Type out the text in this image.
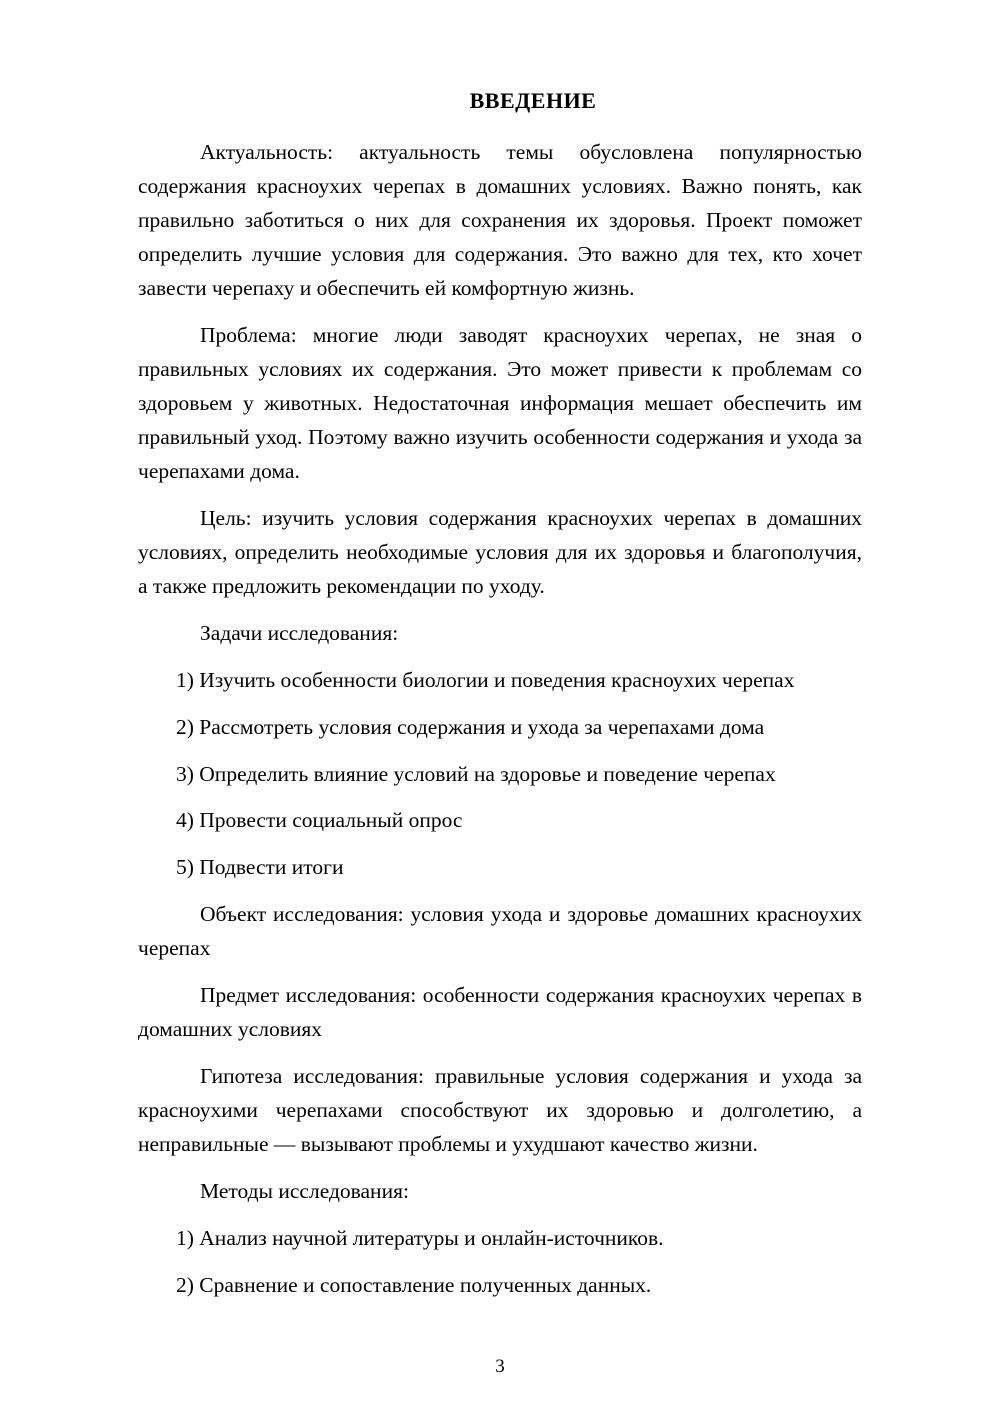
ВВЕДЕНИЕ

Актуальность: актуальность темы обусловлена популярностью содержания красноухих черепах в домашних условиях. Важно понять, как правильно заботиться о них для сохранения их здоровья. Проект поможет определить лучшие условия для содержания. Это важно для тех, кто хочет завести черепаху и обеспечить ей комфортную жизнь.

Проблема: многие люди заводят красноухих черепах, не зная о правильных условиях их содержания. Это может привести к проблемам со здоровьем у животных. Недостаточная информация мешает обеспечить им правильный уход. Поэтому важно изучить особенности содержания и ухода за черепахами дома.

Цель: изучить условия содержания красноухих черепах в домашних условиях, определить необходимые условия для их здоровья и благополучия, а также предложить рекомендации по уходу.

Задачи исследования:

1) Изучить особенности биологии и поведения красноухих черепах

2) Рассмотреть условия содержания и ухода за черепахами дома

3) Определить влияние условий на здоровье и поведение черепах

4) Провести социальный опрос

5) Подвести итоги

Объект исследования: условия ухода и здоровье домашних красноухих черепах

Предмет исследования: особенности содержания красноухих черепах в домашних условиях

Гипотеза исследования: правильные условия содержания и ухода за красноухими черепахами способствуют их здоровью и долголетию, а неправильные — вызывают проблемы и ухудшают качество жизни.

Методы исследования:

1) Анализ научной литературы и онлайн-источников.

2) Сравнение и сопоставление полученных данных.

3
